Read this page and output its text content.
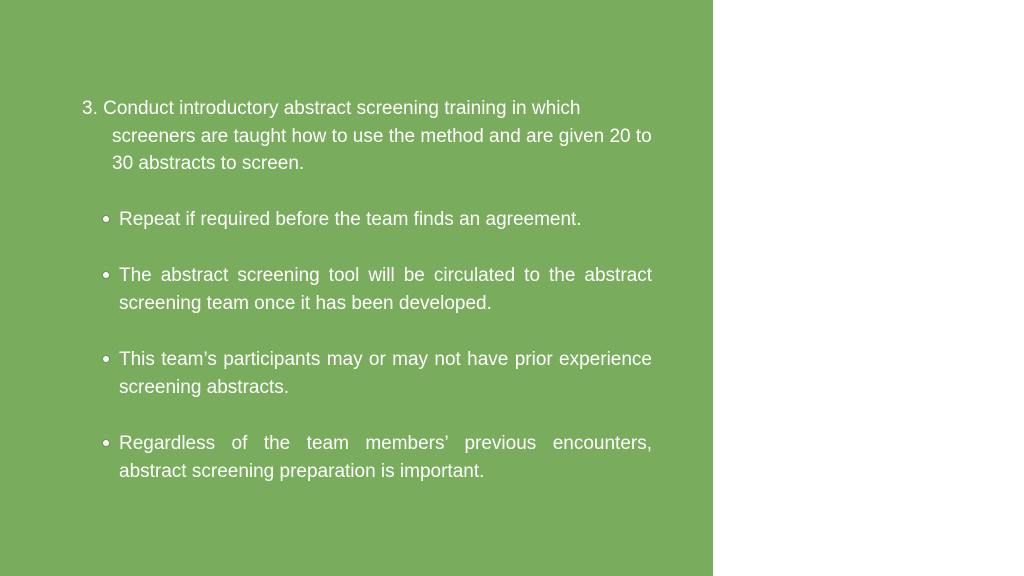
3. Conduct introductory abstract screening training in which screeners are taught how to use the method and are given 20 to 30 abstracts to screen.

Repeat if required before the team finds an agreement.
The abstract screening tool will be circulated to the abstract screening team once it has been developed.
This team’s participants may or may not have prior experience screening abstracts.
Regardless of the team members’ previous encounters, abstract screening preparation is important.
